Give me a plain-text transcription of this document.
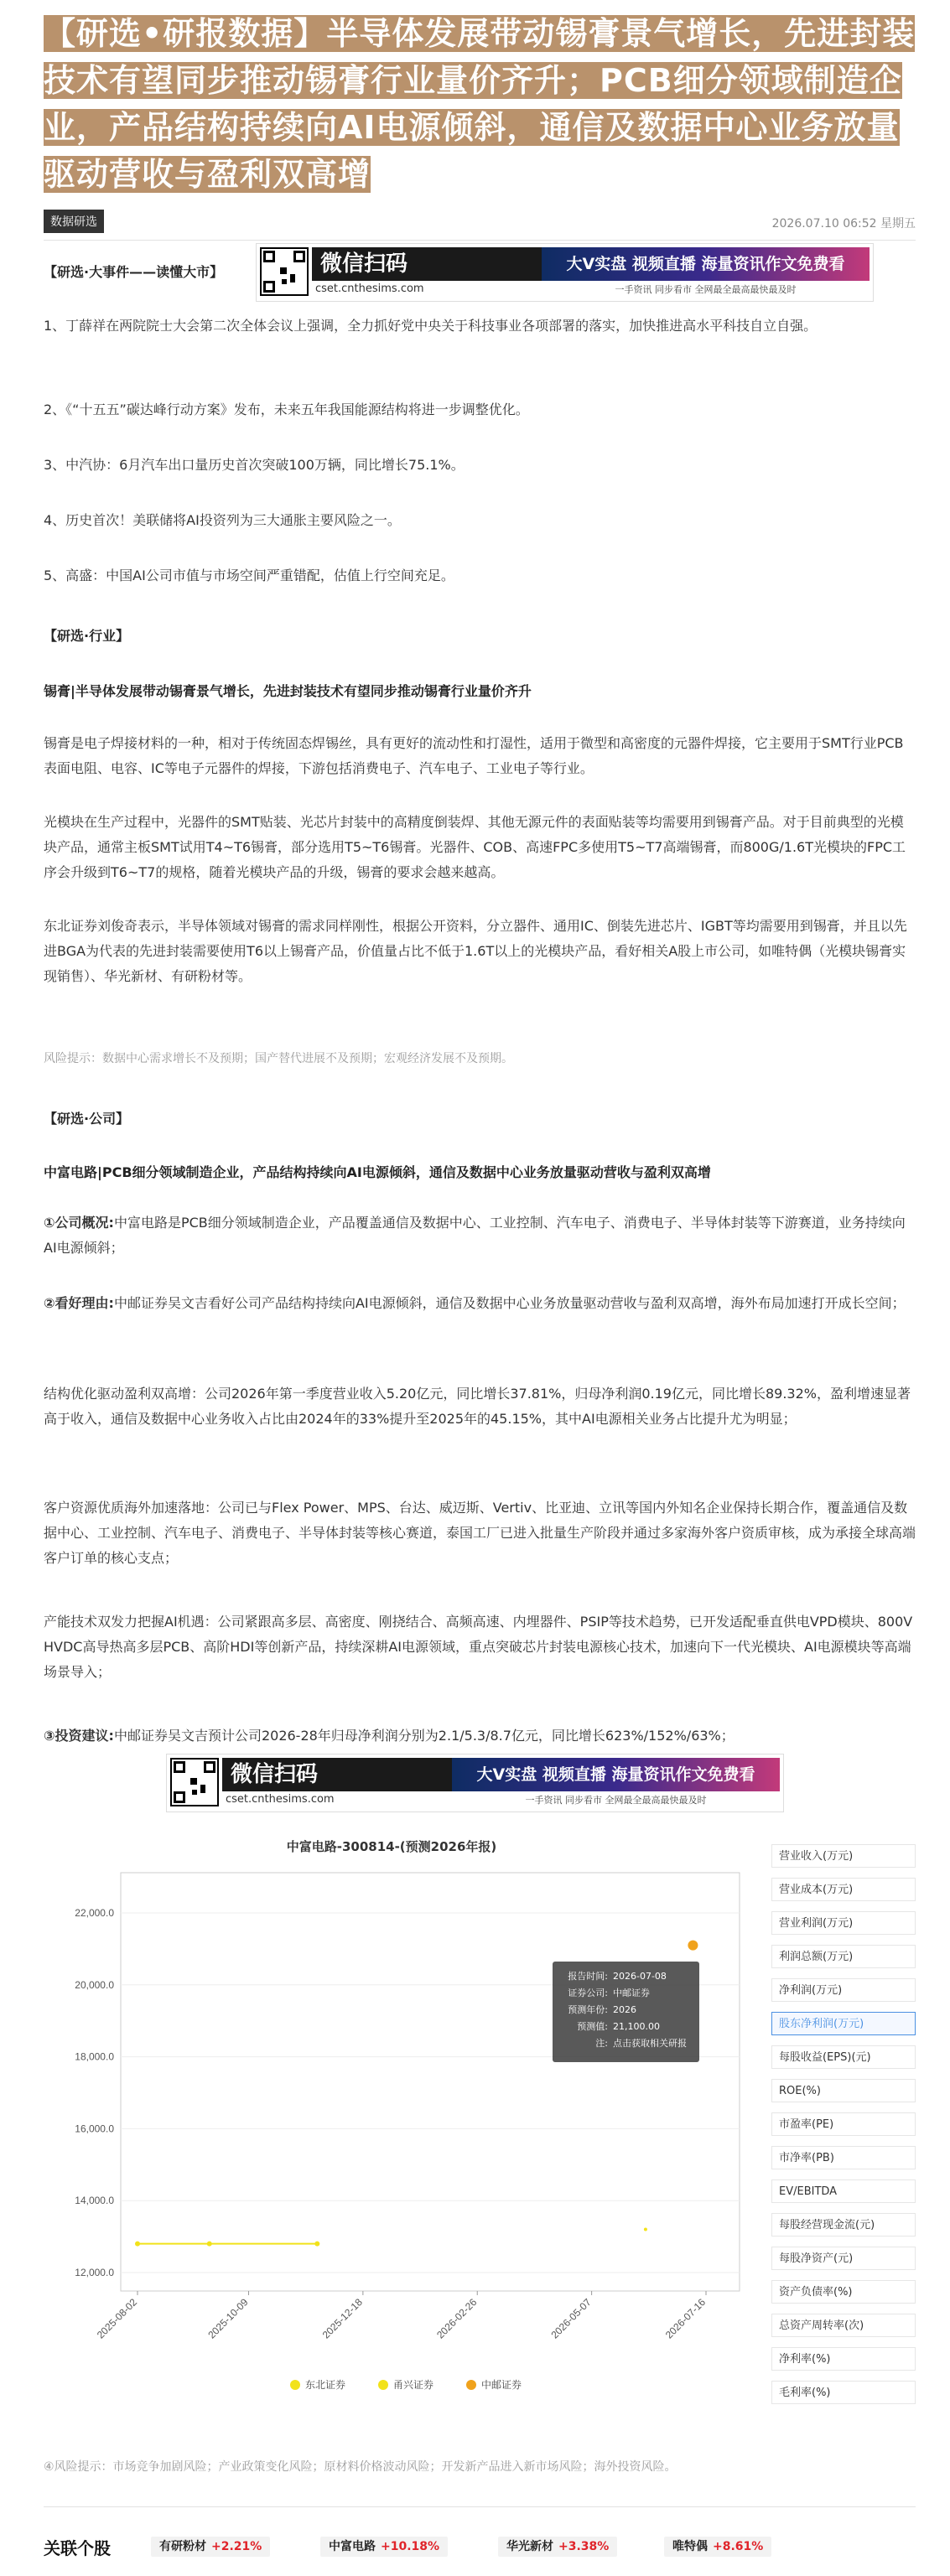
【研选•研报数据】半导体发展带动锡膏景气增长，先进封装技术有望同步推动锡膏行业量价齐升；PCB细分领域制造企业，产品结构持续向AI电源倾斜，通信及数据中心业务放量驱动营收与盈利双高增
数据研选	2026.07.10 06:52 星期五
【研选·大事件——读懂大市】	微信扫码
cset.cnthesims.com
大V实盘 视频直播 海量资讯作文免费看
一手资讯 同步看市 全网最全最高最快最及时
1、丁薛祥在两院院士大会第二次全体会议上强调，全力抓好党中央关于科技事业各项部署的落实，加快推进高水平科技自立自强。
2、《“十五五”碳达峰行动方案》发布，未来五年我国能源结构将进一步调整优化。
3、中汽协：6月汽车出口量历史首次突破100万辆，同比增长75.1%。
4、历史首次！美联储将AI投资列为三大通胀主要风险之一。
5、高盛：中国AI公司市值与市场空间严重错配，估值上行空间充足。
【研选·行业】
锡膏|半导体发展带动锡膏景气增长，先进封装技术有望同步推动锡膏行业量价齐升
锡膏是电子焊接材料的一种，相对于传统固态焊锡丝，具有更好的流动性和打湿性，适用于微型和高密度的元器件焊接，它主要用于SMT行业PCB表面电阻、电容、IC等电子元器件的焊接，下游包括消费电子、汽车电子、工业电子等行业。
光模块在生产过程中，光器件的SMT贴装、光芯片封装中的高精度倒装焊、其他无源元件的表面贴装等均需要用到锡膏产品。对于目前典型的光模块产品，通常主板SMT试用T4~T6锡膏，部分选用T5~T6锡膏。光器件、COB、高速FPC多使用T5~T7高端锡膏，而800G/1.6T光模块的FPC工序会升级到T6~T7的规格，随着光模块产品的升级，锡膏的要求会越来越高。
东北证券刘俊奇表示，半导体领域对锡膏的需求同样刚性，根据公开资料，分立器件、通用IC、倒装先进芯片、IGBT等均需要用到锡膏，并且以先进BGA为代表的先进封装需要使用T6以上锡膏产品，价值量占比不低于1.6T以上的光模块产品，看好相关A股上市公司，如唯特偶（光模块锡膏实现销售）、华光新材、有研粉材等。
风险提示：数据中心需求增长不及预期；国产替代进展不及预期；宏观经济发展不及预期。
【研选·公司】
中富电路|PCB细分领域制造企业，产品结构持续向AI电源倾斜，通信及数据中心业务放量驱动营收与盈利双高增
①公司概况:中富电路是PCB细分领域制造企业，产品覆盖通信及数据中心、工业控制、汽车电子、消费电子、半导体封装等下游赛道，业务持续向AI电源倾斜；
②看好理由:中邮证券吴文吉看好公司产品结构持续向AI电源倾斜，通信及数据中心业务放量驱动营收与盈利双高增，海外布局加速打开成长空间；
结构优化驱动盈利双高增：公司2026年第一季度营业收入5.20亿元，同比增长37.81%，归母净利润0.19亿元，同比增长89.32%，盈利增速显著高于收入，通信及数据中心业务收入占比由2024年的33%提升至2025年的45.15%，其中AI电源相关业务占比提升尤为明显；
客户资源优质海外加速落地：公司已与Flex Power、MPS、台达、威迈斯、Vertiv、比亚迪、立讯等国内外知名企业保持长期合作，覆盖通信及数据中心、工业控制、汽车电子、消费电子、半导体封装等核心赛道，泰国工厂已进入批量生产阶段并通过多家海外客户资质审核，成为承接全球高端客户订单的核心支点；
产能技术双发力把握AI机遇：公司紧跟高多层、高密度、刚挠结合、高频高速、内埋器件、PSIP等技术趋势，已开发适配垂直供电VPD模块、800V HVDC高导热高多层PCB、高阶HDI等创新产品，持续深耕AI电源领域，重点突破芯片封装电源核心技术，加速向下一代光模块、AI电源模块等高端场景导入；
③投资建议:中邮证券吴文吉预计公司2026-28年归母净利润分别为2.1/5.3/8.7亿元，同比增长623%/152%/63%；
微信扫码
cset.cnthesims.com
大V实盘 视频直播 海量资讯作文免费看
一手资讯 同步看市 全网最全最高最快最及时
中富电路-300814-(预测2026年报)
12,000.0
14,000.0
16,000.0
18,000.0
20,000.0
22,000.0
2025-08-02	2025-10-09	2025-12-18	2026-02-26	2026-05-07	2026-07-16
东北证券	甬兴证券	中邮证券
营业收入(万元)
营业成本(万元)
营业利润(万元)
利润总额(万元)
净利润(万元)
股东净利润(万元)
每股收益(EPS)(元)
ROE(%)
市盈率(PE)
市净率(PB)
EV/EBITDA
每股经营现金流(元)
每股净资产(元)
资产负债率(%)
总资产周转率(次)
净利率(%)
毛利率(%)
报告时间: 2026-07-08
证券公司: 中邮证券
预测年份: 2026
预测值: 21,100.00
注: 点击获取相关研报
④风险提示：市场竞争加剧风险；产业政策变化风险；原材料价格波动风险；开发新产品进入新市场风险；海外投资风险。
关联个股	有研粉材 +2.21%	中富电路 +10.18%	华光新材 +3.38%	唯特偶 +8.61%
